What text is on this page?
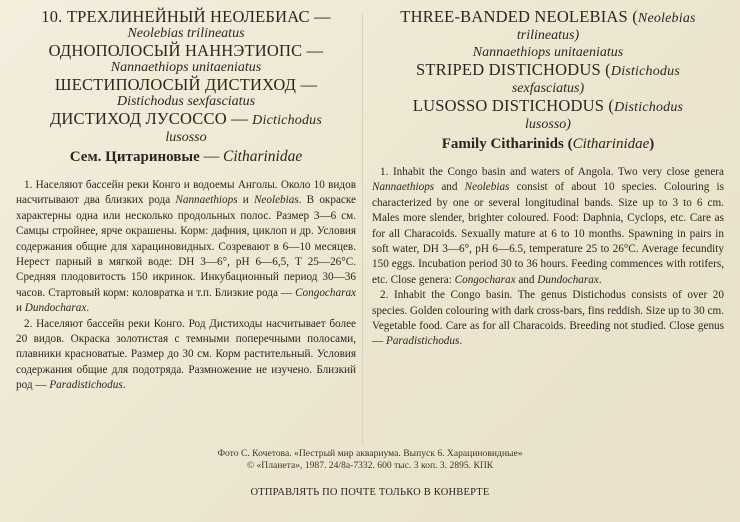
10. ТРЕХЛИНЕЙНЫЙ НЕОЛЕБИАС —
Neolebias trilineatus
ОДНОПОЛОСЫЙ НАННЭТИОПС —
Nannaethiops unitaeniatus
ШЕСТИПОЛОСЫЙ ДИСТИХОД —
Distichodus sexfasciatus
ДИСТИХОД ЛУСОССО — Dictichodus
lusosso
Сем. Цитариновые — Citharinidae

1. Населяют бассейн реки Конго и водоемы Анголы. Около 10 видов насчитывают два близких рода Nannaethiops и Neolebias. В окраске характерны одна или несколько продольных полос. Размер 3—6 см. Самцы стройнее, ярче окрашены. Корм: дафния, циклоп и др. Условия содержания общие для харациновидных. Созревают в 6—10 месяцев. Нерест парный в мягкой воде: DH 3—6°, pH 6—6,5, Т 25—26°С. Средняя плодовитость 150 икринок. Инкубационный период 30—36 часов. Стартовый корм: коловратка и т.п. Близкие рода — Congocharax и Dundocharax.

2. Населяют бассейн реки Конго. Род Дистиходы насчитывает более 20 видов. Окраска золотистая с темными поперечными полосами, плавники красноватые. Размер до 30 см. Корм растительный. Условия содержания общие для подотряда. Размножение не изучено. Близкий род — Paradistichodus.

THREE-BANDED NEOLEBIAS (Neolebias
trilineatus)
Nannaethiops unitaeniatus
STRIPED DISTICHODUS (Distichodus
sexfasciatus)
LUSOSSO DISTICHODUS (Distichodus
lusosso)
Family Citharinids (Citharinidae)

1. Inhabit the Congo basin and waters of Angola. Two very close genera Nannaethiops and Neolebias consist of about 10 species. Colouring is characterized by one or several longitudinal bands. Size up to 3 to 6 cm. Males more slender, brighter coloured. Food: Daphnia, Cyclops, etc. Care as for all Characoids. Sexually mature at 6 to 10 months. Spawning in pairs in soft water, DH 3—6°, pH 6—6.5, temperature 25 to 26°C. Average fecundity 150 eggs. Incubation period 30 to 36 hours. Feeding commences with rotifers, etc. Close genera: Congocharax and Dundocharax.

2. Inhabit the Congo basin. The genus Distichodus consists of over 20 species. Golden colouring with dark cross-bars, fins reddish. Size up to 30 cm. Vegetable food. Care as for all Characoids. Breeding not studied. Close genus — Paradistichodus.

Фото С. Кочетова. «Пестрый мир аквариума. Выпуск 6. Харациновидные»
© «Планета», 1987. 24/8а-7332. 600 тыс. 3 коп. 3. 2895. КПК
ОТПРАВЛЯТЬ ПО ПОЧТЕ ТОЛЬКО В КОНВЕРТЕ
